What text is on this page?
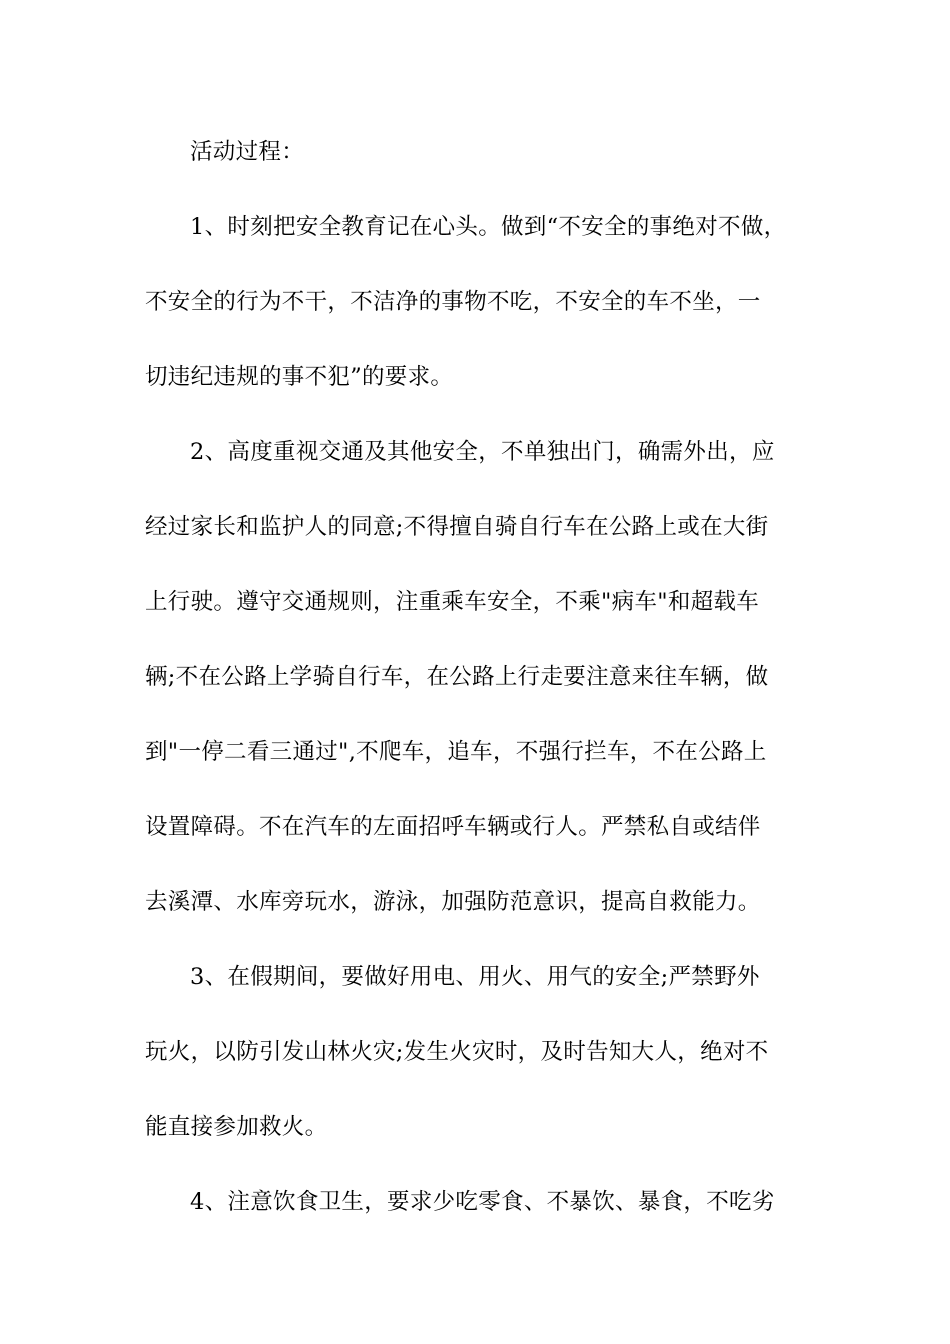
活动过程：
1、时刻把安全教育记在心头。做到“不安全的事绝对不做，
不安全的行为不干，不洁净的事物不吃，不安全的车不坐，一
切违纪违规的事不犯”的要求。
2、高度重视交通及其他安全，不单独出门，确需外出，应
经过家长和监护人的同意;不得擅自骑自行车在公路上或在大街
上行驶。遵守交通规则，注重乘车安全，不乘"病车"和超载车
辆;不在公路上学骑自行车，在公路上行走要注意来往车辆，做
到"一停二看三通过",不爬车，追车，不强行拦车，不在公路上
设置障碍。不在汽车的左面招呼车辆或行人。严禁私自或结伴
去溪潭、水库旁玩水，游泳，加强防范意识，提高自救能力。
3、在假期间，要做好用电、用火、用气的安全;严禁野外
玩火，以防引发山林火灾;发生火灾时，及时告知大人，绝对不
能直接参加救火。
4、注意饮食卫生，要求少吃零食、不暴饮、暴食，不吃劣
